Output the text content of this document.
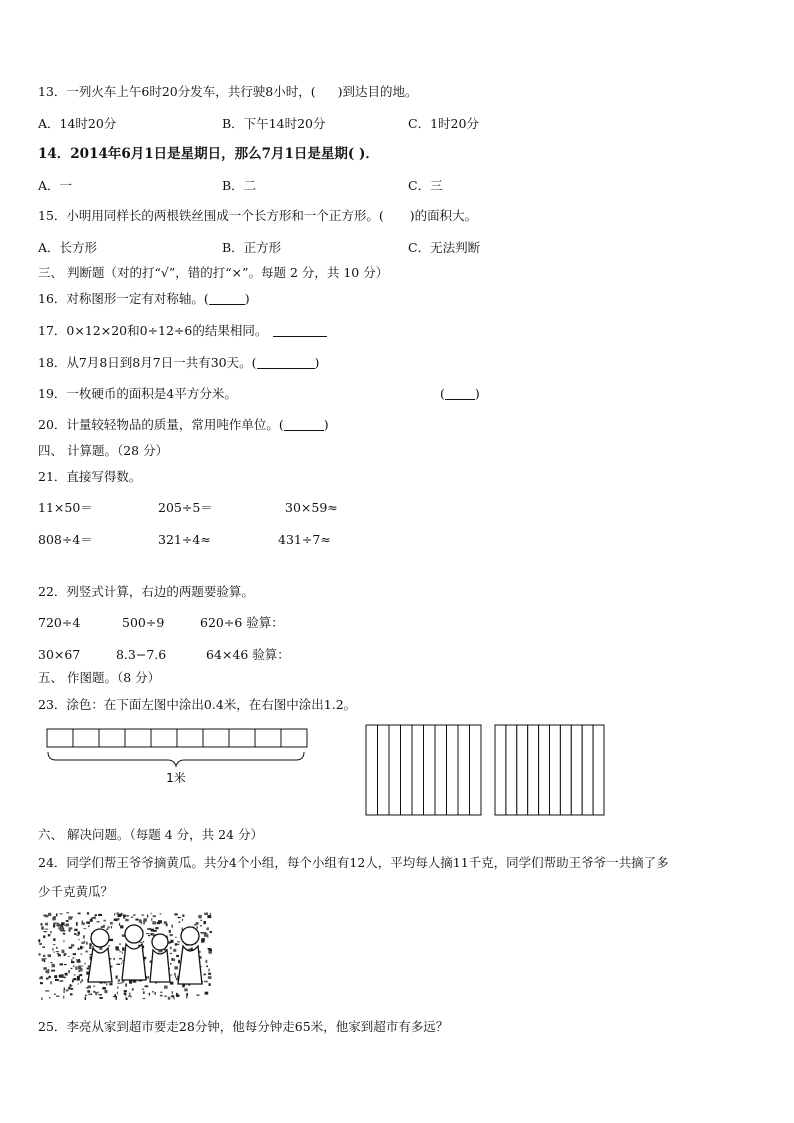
13．一列火车上午6时20分发车，共行驶8小时，( )到达目的地。
A．14时20分	B．下午14时20分	C．1时20分
14．2014年6月1日是星期日，那么7月1日是星期( )．
A．一	B．二	C．三
15．小明用同样长的两根铁丝围成一个长方形和一个正方形。( )的面积大。
A．长方形	B．正方形	C．无法判断
三、 判断题（对的打“√”，错的打“×”。每题 2 分，共 10 分）
16．对称图形一定有对称轴。(	)
17．0×12×20和0÷12÷6的结果相同。
18．从7月8日到8月7日一共有30天。(	)
19．一枚硬币的面积是4平方分米。	( )
20．计量较轻物品的质量，常用吨作单位。(	)
四、 计算题。（28 分）
21．直接写得数。
11×50＝	205÷5＝	30×59≈
808÷4＝	321÷4≈	431÷7≈
22．列竖式计算，右边的两题要验算。
720÷4	500÷9	620÷6 验算：
30×67	8.3−7.6	64×46 验算：
五、 作图题。（8 分）
23．涂色：在下面左图中涂出0.4米，在右图中涂出1.2。
1米
六、 解决问题。（每题 4 分，共 24 分）
24．同学们帮王爷爷摘黄瓜。共分4个小组，每个小组有12人，平均每人摘11千克，同学们帮助王爷爷一共摘了多
少千克黄瓜？
25．李亮从家到超市要走28分钟，他每分钟走65米，他家到超市有多远？
